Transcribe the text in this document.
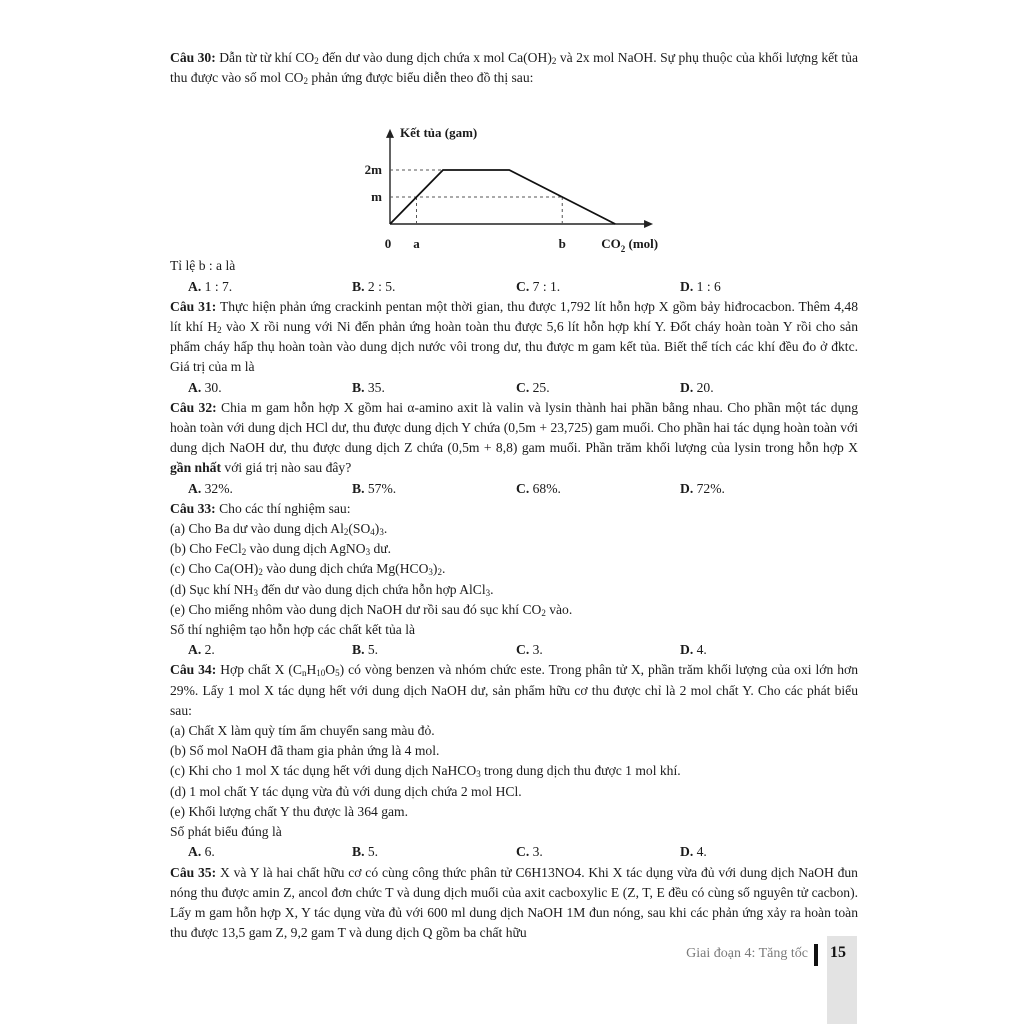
Câu 30: Dẫn từ từ khí $CO_2$ đến dư vào dung dịch chứa x mol $Ca(OH)_2$ và 2x mol NaOH. Sự phụ thuộc của khối lượng kết tủa thu được vào số mol $CO_2$ phản ứng được biểu diễn theo đồ thị sau:
m
2m
a	b
0
Kết tủa (gam)
$CO_2$ (mol)
Tỉ lệ b : a là
A. 1 : 7.	B. 2 : 5.	C. 7 : 1.	D. 1 : 6
Câu 31: Thực hiện phản ứng crackinh pentan một thời gian, thu được 1,792 lít hỗn hợp X gồm bảy hiđrocacbon. Thêm 4,48 lít khí $H_2$ vào X rồi nung với Ni đến phản ứng hoàn toàn thu được 5,6 lít hỗn hợp khí Y. Đốt cháy hoàn toàn Y rồi cho sản phẩm cháy hấp thụ hoàn toàn vào dung dịch nước vôi trong dư, thu được m gam kết tủa. Biết thể tích các khí đều đo ở đktc. Giá trị của m là
A. 30.	B. 35.	C. 25.	D. 20.
Câu 32: Chia m gam hỗn hợp X gồm hai α-amino axit là valin và lysin thành hai phần bằng nhau. Cho phần một tác dụng hoàn toàn với dung dịch HCl dư, thu được dung dịch Y chứa (0,5m + 23,725) gam muối. Cho phần hai tác dụng hoàn toàn với dung dịch NaOH dư, thu được dung dịch Z chứa (0,5m + 8,8) gam muối. Phần trăm khối lượng của lysin trong hỗn hợp X gần nhất với giá trị nào sau đây?
A. 32%.	B. 57%.	C. 68%.	D. 72%.
Câu 33: Cho các thí nghiệm sau:
(a) Cho Ba dư vào dung dịch $Al_2(SO_4)_3$.
(b) Cho FeCl$_2$ vào dung dịch AgNO$_3$ dư.
(c) Cho $Ca(OH)_2$ vào dung dịch chứa $Mg(HCO_3)_2$.
(d) Sục khí $NH_3$ đến dư vào dung dịch chứa hỗn hợp AlCl$_3$.
(e) Cho miếng nhôm vào dung dịch NaOH dư rồi sau đó sục khí $CO_2$ vào.
Số thí nghiệm tạo hỗn hợp các chất kết tủa là
A. 2.	B. 5.	C. 3.	D. 4.
Câu 34: Hợp chất X $(C_nH_{10}O_5)$ có vòng benzen và nhóm chức este. Trong phân tử X, phần trăm khối lượng của oxi lớn hơn 29%. Lấy 1 mol X tác dụng hết với dung dịch NaOH dư, sản phẩm hữu cơ thu được chỉ là 2 mol chất Y. Cho các phát biểu sau:
(a) Chất X làm quỳ tím ẩm chuyển sang màu đỏ.
(b) Số mol NaOH đã tham gia phản ứng là 4 mol.
(c) Khi cho 1 mol X tác dụng hết với dung dịch NaHCO$_3$ trong dung dịch thu được 1 mol khí.
(d) 1 mol chất Y tác dụng vừa đủ với dung dịch chứa 2 mol HCl.
(e) Khối lượng chất Y thu được là 364 gam.
Số phát biểu đúng là
A. 6.	B. 5.	C. 3.	D. 4.
Câu 35: X và Y là hai chất hữu cơ có cùng công thức phân tử C6H13NO4. Khi X tác dụng vừa đủ với dung dịch NaOH đun nóng thu được amin Z, ancol đơn chức T và dung dịch muối của axit cacboxylic E (Z, T, E đều có cùng số nguyên tử cacbon). Lấy m gam hỗn hợp X, Y tác dụng vừa đủ với 600 ml dung dịch NaOH 1M đun nóng, sau khi các phản ứng xảy ra hoàn toàn thu được 13,5 gam Z, 9,2 gam T và dung dịch Q gồm ba chất hữu
Giai đoạn 4: Tăng tốc 15
